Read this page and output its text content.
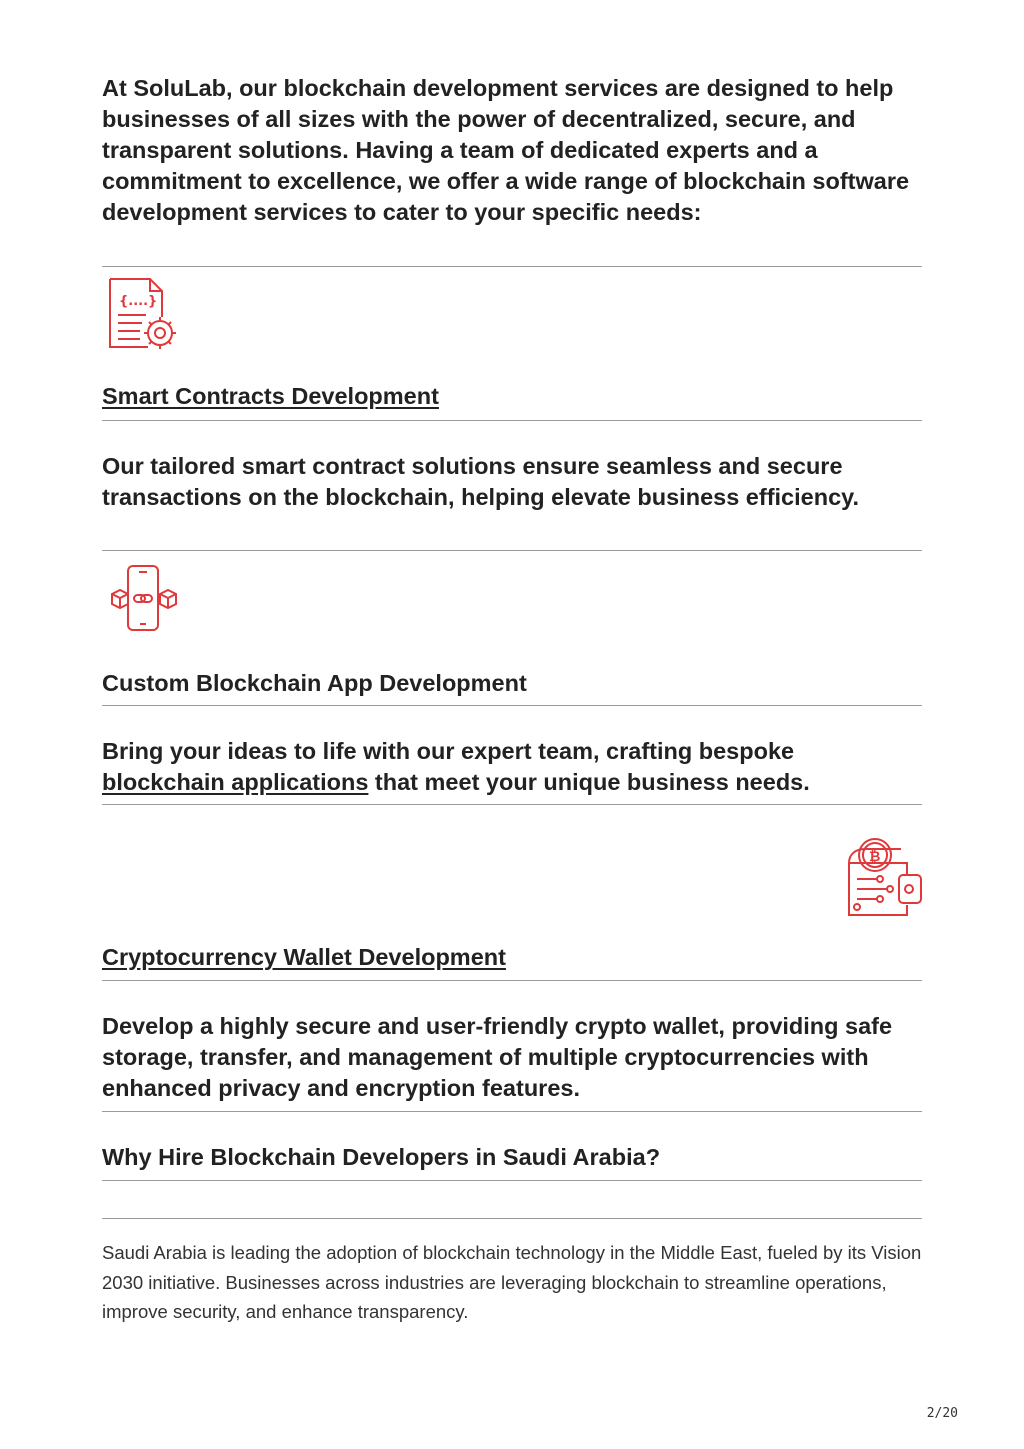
At SoluLab, our blockchain development services are designed to help businesses of all sizes with the power of decentralized, secure, and transparent solutions. Having a team of dedicated experts and a commitment to excellence, we offer a wide range of blockchain software development services to cater to your specific needs:

{....}
Smart Contracts Development

Our tailored smart contract solutions ensure seamless and secure transactions on the blockchain, helping elevate business efficiency.

Custom Blockchain App Development

Bring your ideas to life with our expert team, crafting bespoke blockchain applications that meet your unique business needs.

₿
Cryptocurrency Wallet Development

Develop a highly secure and user-friendly crypto wallet, providing safe storage, transfer, and management of multiple cryptocurrencies with enhanced privacy and encryption features.

Why Hire Blockchain Developers in Saudi Arabia?

Saudi Arabia is leading the adoption of blockchain technology in the Middle East, fueled by its Vision 2030 initiative. Businesses across industries are leveraging blockchain to streamline operations, improve security, and enhance transparency.

2/20
